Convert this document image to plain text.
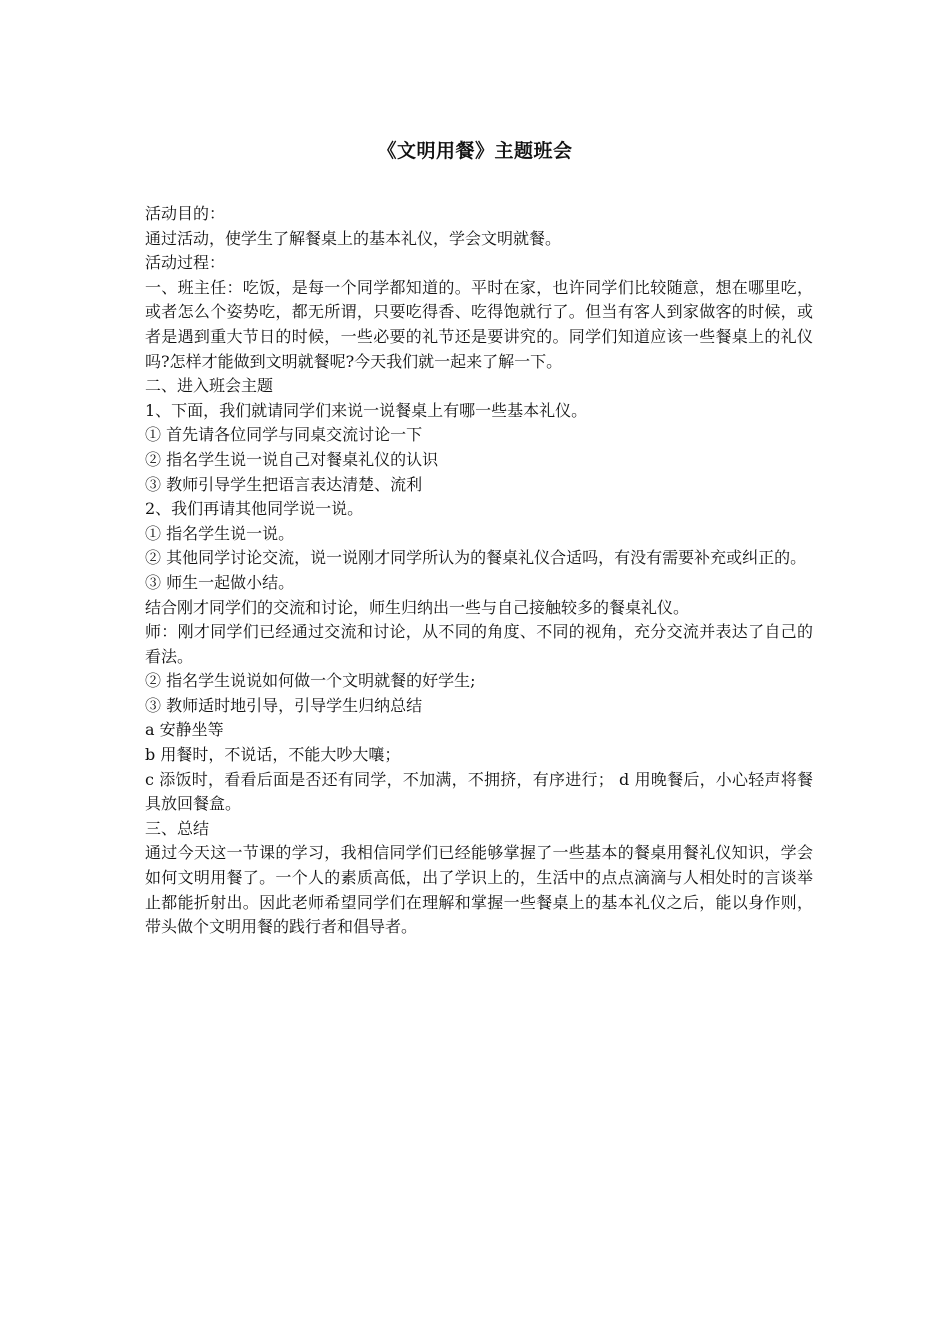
《文明用餐》主题班会

活动目的：

通过活动，使学生了解餐桌上的基本礼仪，学会文明就餐。

活动过程：

一、班主任：吃饭，是每一个同学都知道的。平时在家，也许同学们比较随意，想在哪里吃，或者怎么个姿势吃，都无所谓，只要吃得香、吃得饱就行了。但当有客人到家做客的时候，或者是遇到重大节日的时候，一些必要的礼节还是要讲究的。同学们知道应该一些餐桌上的礼仪吗?怎样才能做到文明就餐呢?今天我们就一起来了解一下。

二、进入班会主题

1、下面，我们就请同学们来说一说餐桌上有哪一些基本礼仪。

① 首先请各位同学与同桌交流讨论一下

② 指名学生说一说自己对餐桌礼仪的认识

③ 教师引导学生把语言表达清楚、流利

2、我们再请其他同学说一说。

① 指名学生说一说。

② 其他同学讨论交流，说一说刚才同学所认为的餐桌礼仪合适吗，有没有需要补充或纠正的。

③ 师生一起做小结。

结合刚才同学们的交流和讨论，师生归纳出一些与自己接触较多的餐桌礼仪。

师：刚才同学们已经通过交流和讨论，从不同的角度、不同的视角，充分交流并表达了自己的看法。

② 指名学生说说如何做一个文明就餐的好学生;

③ 教师适时地引导，引导学生归纳总结

a 安静坐等

b 用餐时，不说话，不能大吵大嚷；

c 添饭时，看看后面是否还有同学，不加满，不拥挤，有序进行； d 用晚餐后，小心轻声将餐具放回餐盒。

三、总结

通过今天这一节课的学习，我相信同学们已经能够掌握了一些基本的餐桌用餐礼仪知识，学会如何文明用餐了。一个人的素质高低，出了学识上的，生活中的点点滴滴与人相处时的言谈举止都能折射出。因此老师希望同学们在理解和掌握一些餐桌上的基本礼仪之后，能以身作则，带头做个文明用餐的践行者和倡导者。
